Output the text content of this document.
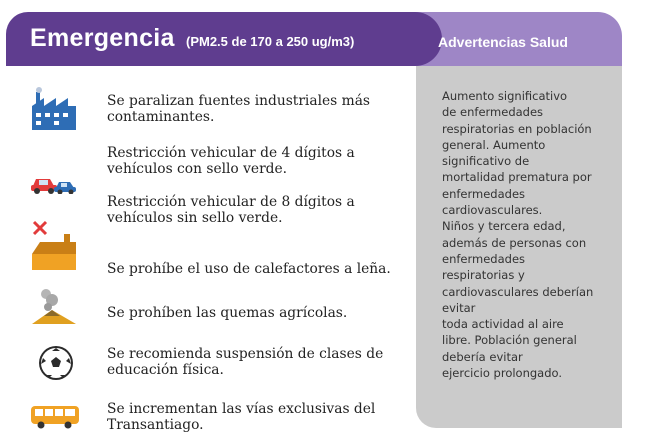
Emergencia (PM2.5 de 170 a 250 ug/m3)	Advertencias Salud
Aumento significativo
de enfermedades
respiratorias en población
general. Aumento
significativo de
mortalidad prematura por
enfermedades
cardiovasculares.
Niños y tercera edad,
además de personas con
enfermedades
respiratorias y
cardiovasculares deberían
evitar
toda actividad al aire
libre. Población general
debería evitar
ejercicio prolongado.
Se paralizan fuentes industriales más
contaminantes.
Restricción vehicular de 4 dígitos a
vehículos con sello verde.
Restricción vehicular de 8 dígitos a
vehículos sin sello verde.
Se prohíbe el uso de calefactores a leña.
Se prohíben las quemas agrícolas.
Se recomienda suspensión de clases de
educación física.
Se incrementan las vías exclusivas del
Transantiago.
